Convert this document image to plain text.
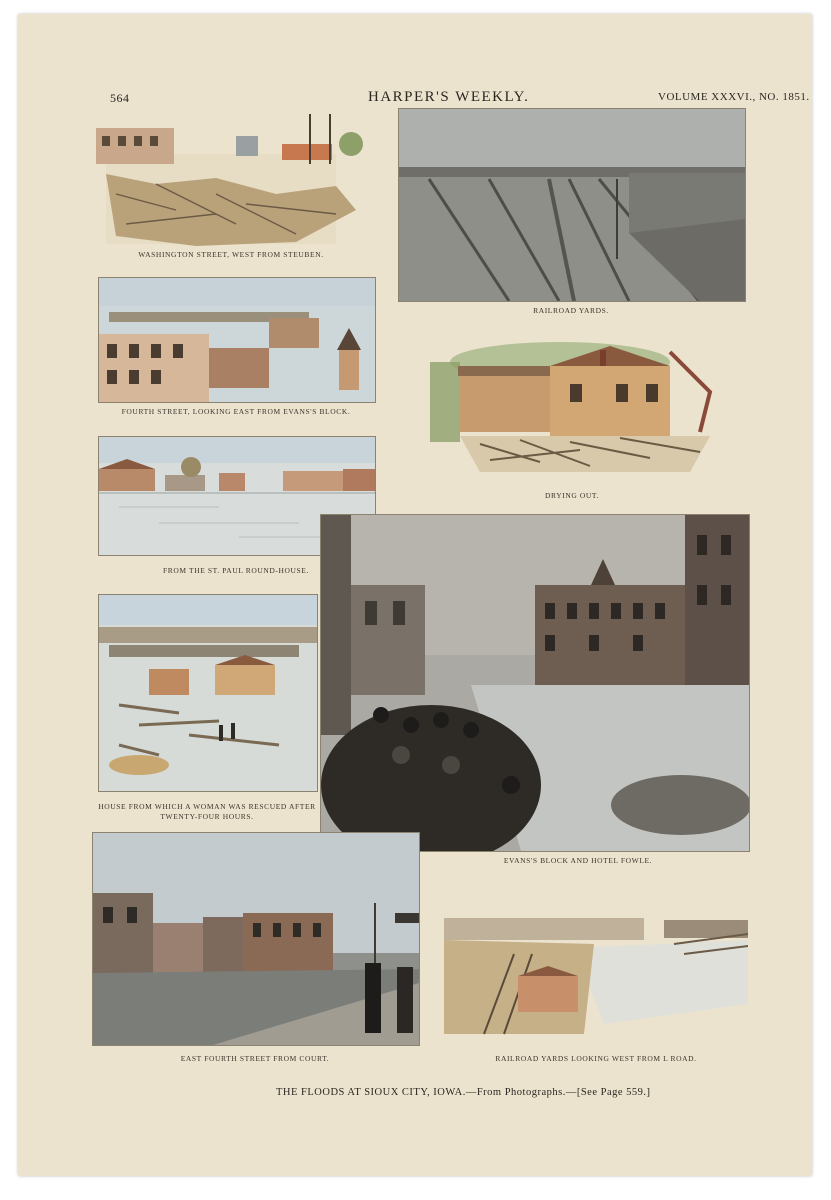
564	HARPER'S WEEKLY.	VOLUME XXXVI., NO. 1851.
WASHINGTON STREET, WEST FROM STEUBEN.
RAILROAD YARDS.
FOURTH STREET, LOOKING EAST FROM EVANS'S BLOCK.
DRYING OUT.
FROM THE ST. PAUL ROUND-HOUSE.
EVANS'S BLOCK AND HOTEL FOWLE.
HOUSE FROM WHICH A WOMAN WAS RESCUED AFTER TWENTY-FOUR HOURS.
EAST FOURTH STREET FROM COURT.	RAILROAD YARDS LOOKING WEST FROM L ROAD.
THE FLOODS AT SIOUX CITY, IOWA.—From Photographs.—[See Page 559.]
